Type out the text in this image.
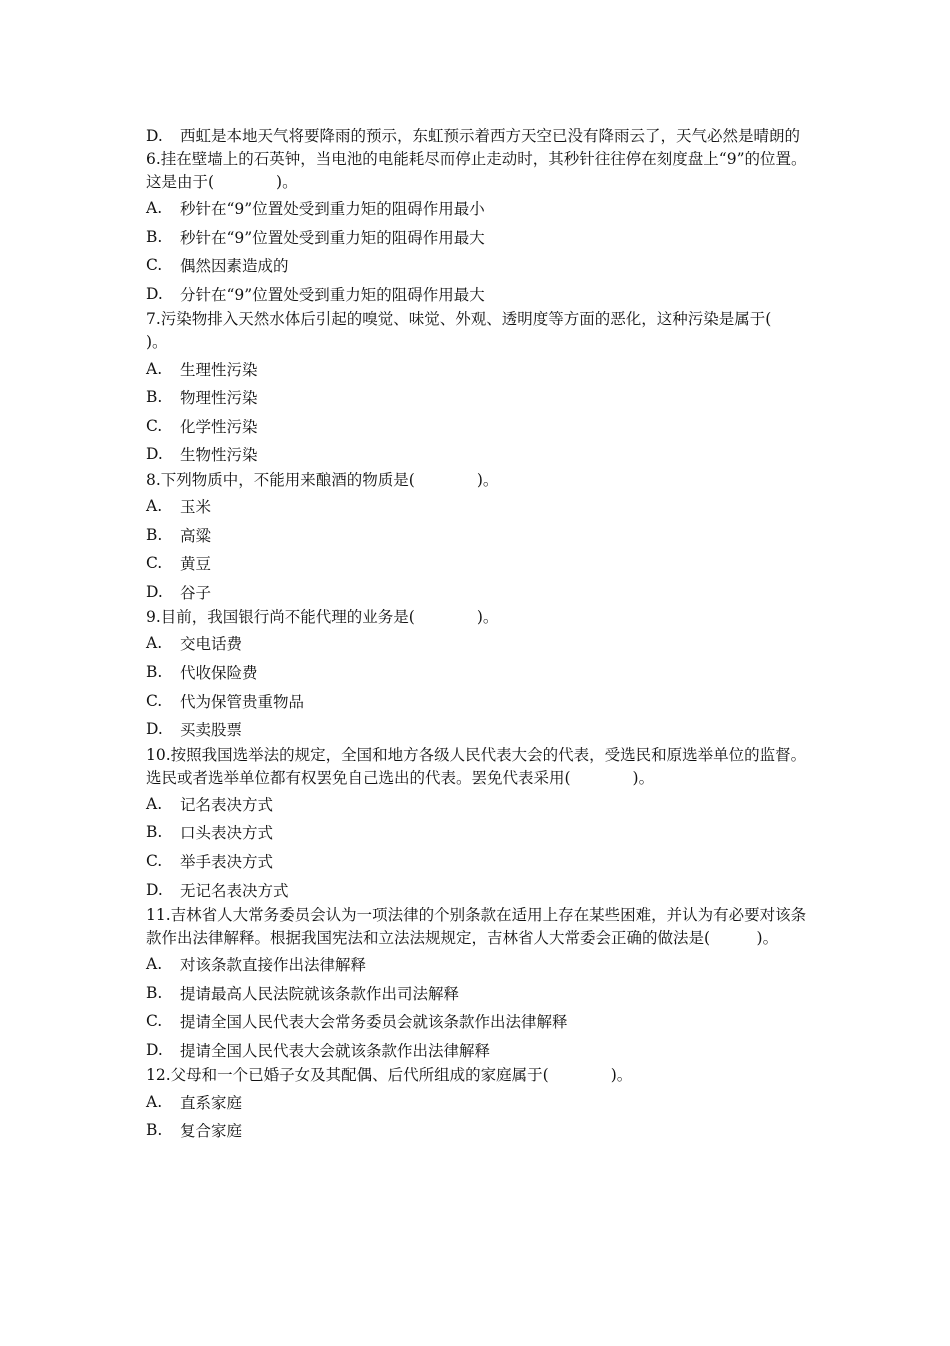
D.	西虹是本地天气将要降雨的预示，东虹预示着西方天空已没有降雨云了，天气必然是晴朗的
6.挂在壁墙上的石英钟，当电池的电能耗尽而停止走动时，其秒针往往停在刻度盘上“9”的位置。这是由于(　　　　)。
A.	秒针在“9”位置处受到重力矩的阻碍作用最小
B.	秒针在“9”位置处受到重力矩的阻碍作用最大
C.	偶然因素造成的
D.	分针在“9”位置处受到重力矩的阻碍作用最大
7.污染物排入天然水体后引起的嗅觉、味觉、外观、透明度等方面的恶化，这种污染是属于(　　　)。
A.	生理性污染
B.	物理性污染
C.	化学性污染
D.	生物性污染
8.下列物质中，不能用来酿酒的物质是(　　　　)。
A.	玉米
B.	高粱
C.	黄豆
D.	谷子
9.目前，我国银行尚不能代理的业务是(　　　　)。
A.	交电话费
B.	代收保险费
C.	代为保管贵重物品
D.	买卖股票
10.按照我国选举法的规定，全国和地方各级人民代表大会的代表，受选民和原选举单位的监督。选民或者选举单位都有权罢免自己选出的代表。罢免代表采用(　　　　)。
A.	记名表决方式
B.	口头表决方式
C.	举手表决方式
D.	无记名表决方式
11.吉林省人大常务委员会认为一项法律的个别条款在适用上存在某些困难，并认为有必要对该条款作出法律解释。根据我国宪法和立法法规规定，吉林省人大常委会正确的做法是(　　　)。
A.	对该条款直接作出法律解释
B.	提请最高人民法院就该条款作出司法解释
C.	提请全国人民代表大会常务委员会就该条款作出法律解释
D.	提请全国人民代表大会就该条款作出法律解释
12.父母和一个已婚子女及其配偶、后代所组成的家庭属于(　　　　)。
A.	直系家庭
B.	复合家庭
